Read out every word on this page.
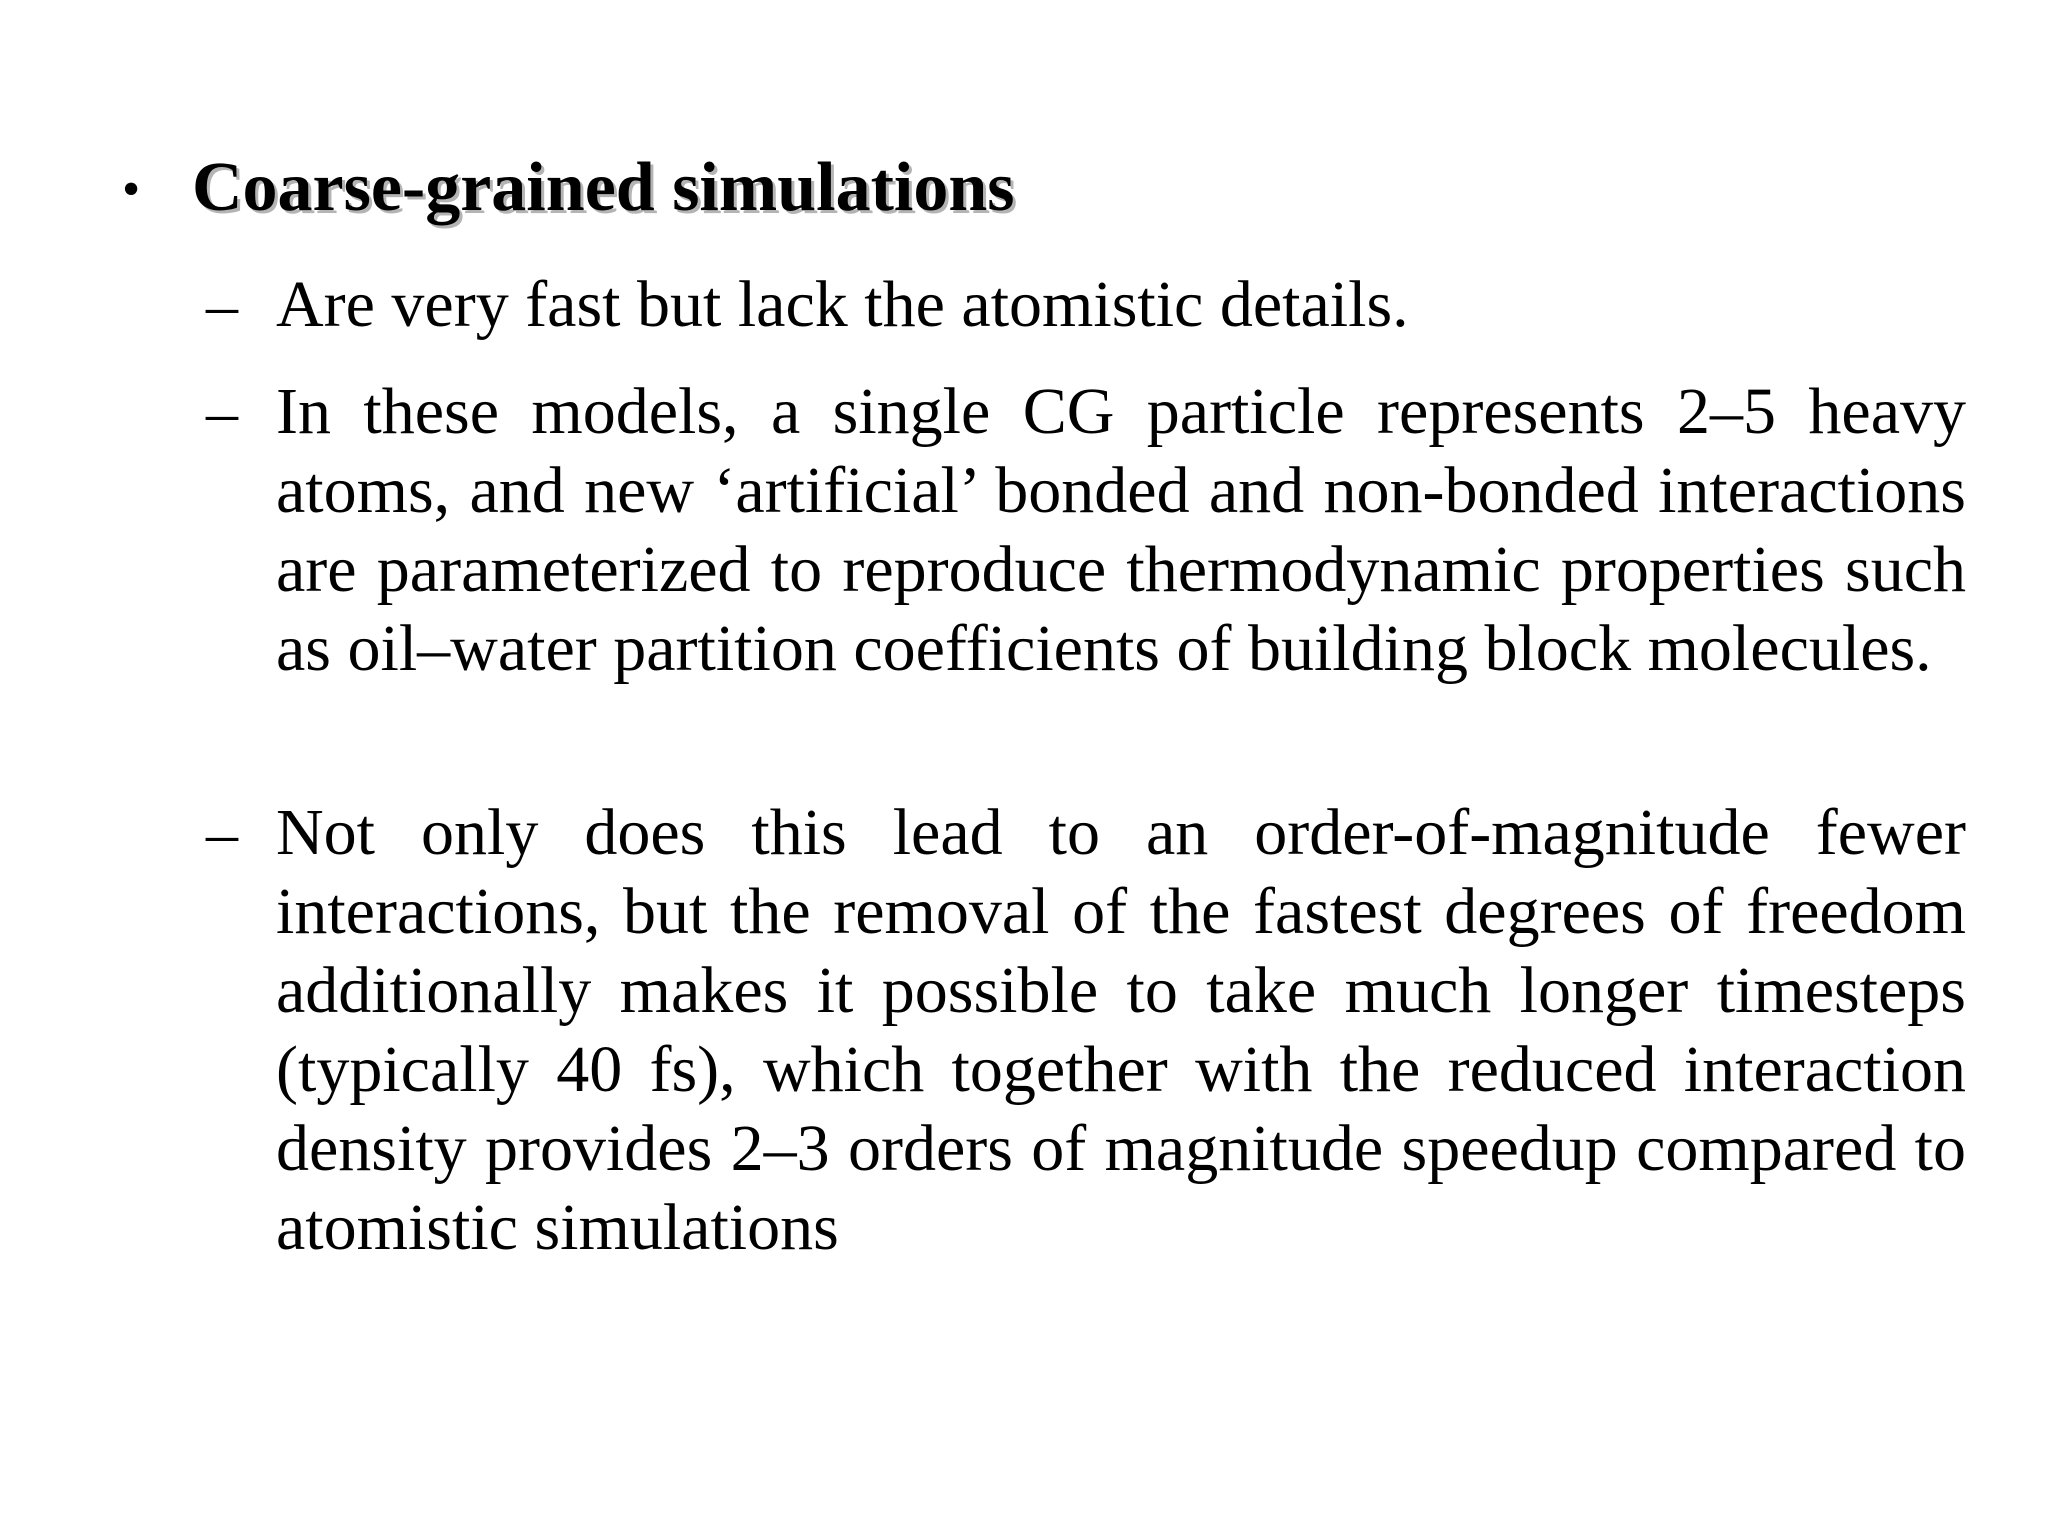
• Coarse-grained simulations
– Are very fast but lack the atomistic details.
– In these models, a single CG particle represents 2–5 heavy atoms, and new ‘artificial’ bonded and non-bonded interactions are parameterized to reproduce thermodynamic properties such as oil–water partition coefficients of building block molecules.
– Not only does this lead to an order-of-magnitude fewer interactions, but the removal of the fastest degrees of freedom additionally makes it possible to take much longer timesteps (typically 40 fs), which together with the reduced interaction density provides 2–3 orders of magnitude speedup compared to atomistic simulations
